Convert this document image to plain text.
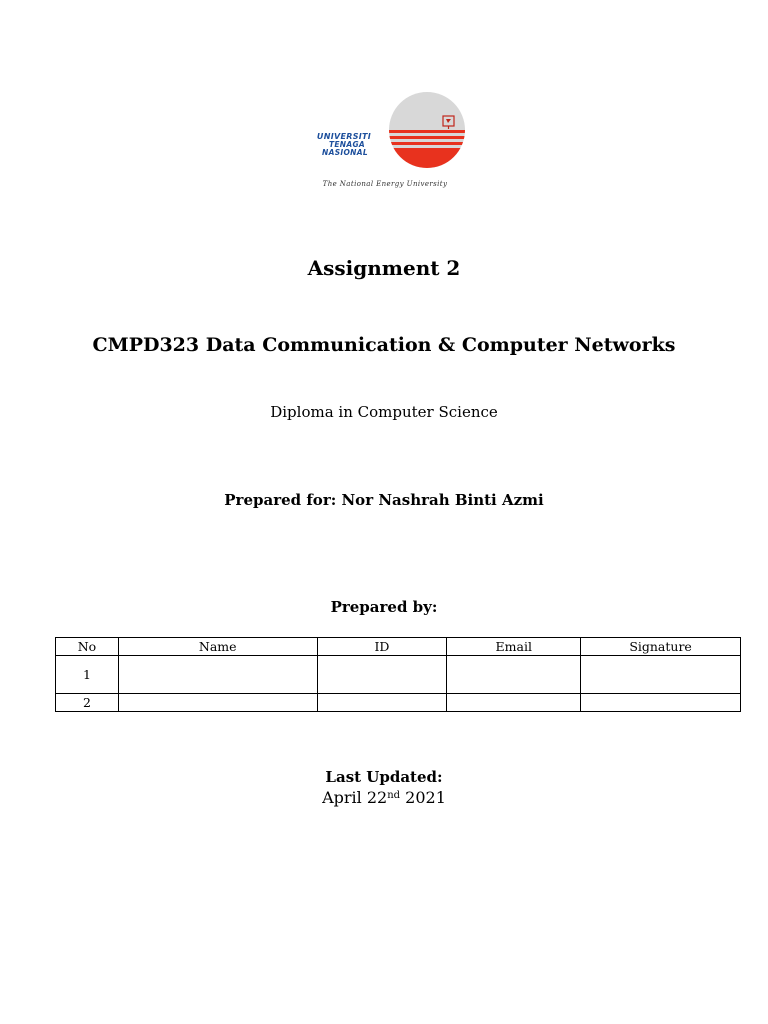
UNIVERSITI
TENAGA
NASIONAL
The National Energy University
Assignment 2
CMPD323 Data Communication & Computer Networks
Diploma in Computer Science
Prepared for: Nor Nashrah Binti Azmi
Prepared by:
No	Name	ID	Email	Signature
1				
2				
Last Updated:
April 22nd 2021
